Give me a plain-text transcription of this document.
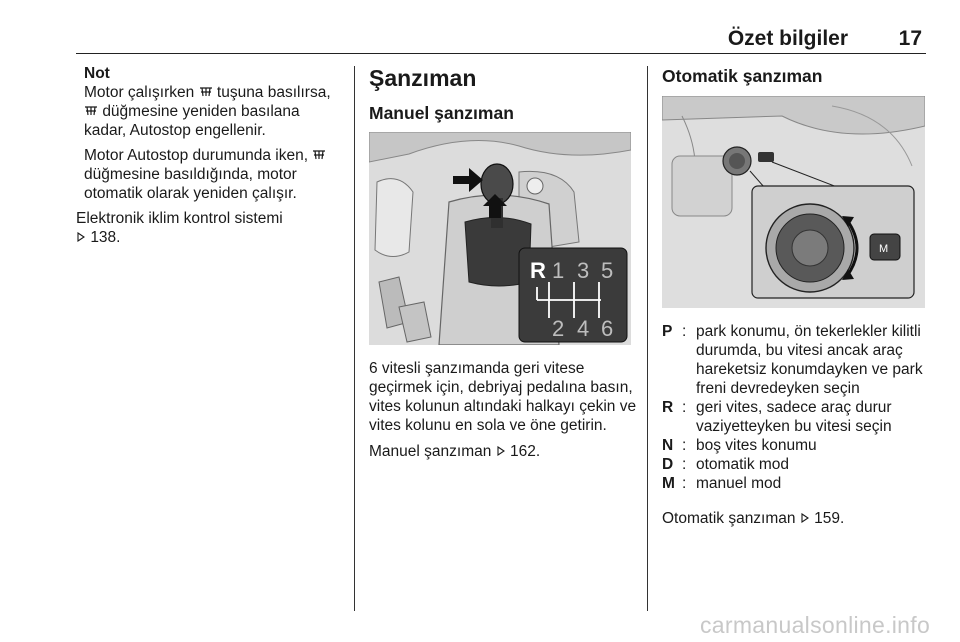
Özet bilgiler 17
Not

Motor çalışırken tuşuna basılırsa,  düğmesine yeniden basılana kadar, Autostop engellenir.

Motor Autostop durumunda iken,  düğmesine basıldığında, motor otomatik olarak yeniden çalışır.

Elektronik iklim kontrol sistemi
138.
Şanzıman
Manuel şanzıman
R 1 3 5
2 4 6

6 vitesli şanzımanda geri vitese geçirmek için, debriyaj pedalına basın, vites kolunun altındaki halkayı çekin ve vites kolunu en sola ve öne getirin.

Manuel şanzıman 162.

Otomatik şanzıman
P : park konumu, ön tekerlekler kilitli durumda, bu vitesi ancak araç hareketsiz konumdayken ve park freni devredeyken seçin
R : geri vites, sadece araç durur vaziyetteyken bu vitesi seçin
N : boş vites konumu
D : otomatik mod
M : manuel mod

Otomatik şanzıman 159.

M
carmanualsonline.info
